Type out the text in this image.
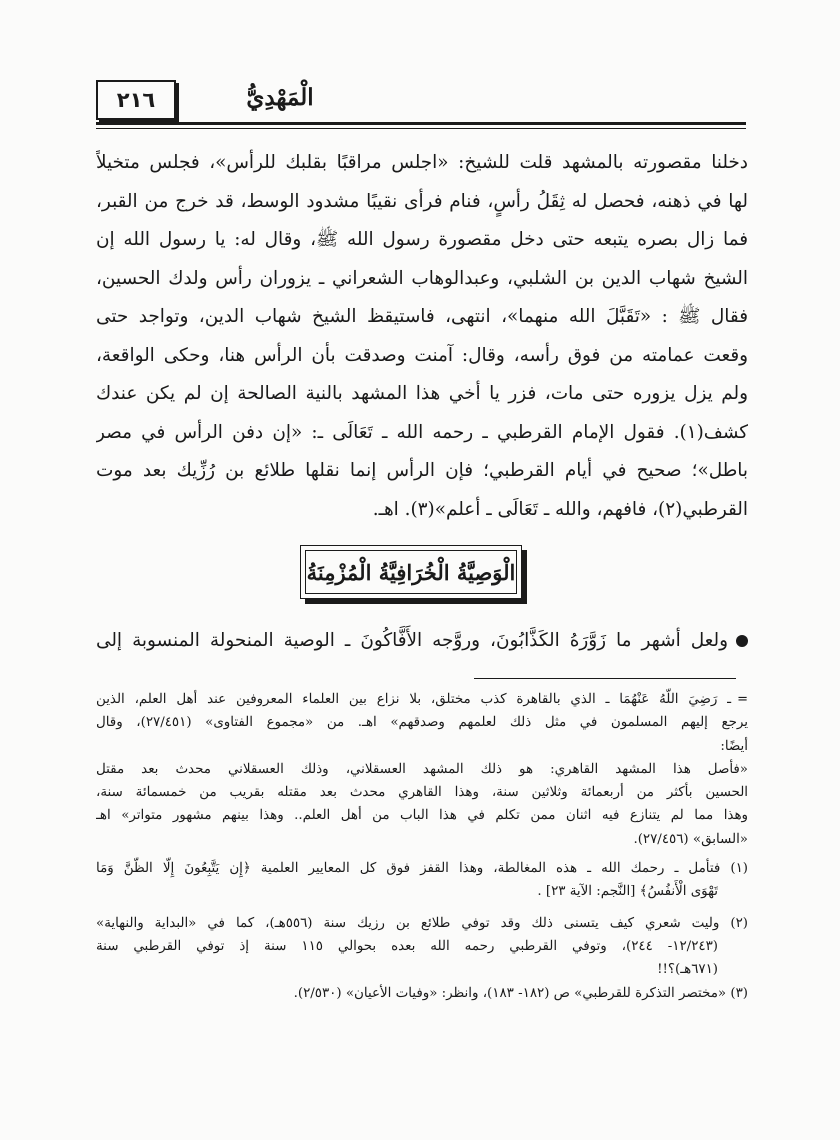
٢١٦	الْمَهْدِيُّ
دخلنا مقصورته بالمشهد قلت للشيخ: «اجلس مراقبًا بقلبك للرأس»، فجلس متخيلاً
لها في ذهنه، فحصل له ثِقَلُ رأسٍ، فنام فرأى نقيبًا مشدود الوسط، قد خرج من القبر،
فما زال بصره يتبعه حتى دخل مقصورة رسول الله ﷺ، وقال له: يا رسول الله إن
الشيخ شهاب الدين بن الشلبي، وعبدالوهاب الشعراني ـ يزوران رأس ولدك الحسين،
فقال ﷺ : «تَقَبَّلَ الله منهما»، انتهى، فاستيقظ الشيخ شهاب الدين، وتواجد حتى
وقعت عمامته من فوق رأسه، وقال: آمنت وصدقت بأن الرأس هنا، وحكى الواقعة،
ولم يزل يزوره حتى مات، فزر يا أخي هذا المشهد بالنية الصالحة إن لم يكن عندك
كشف(١). فقول الإمام القرطبي ـ رحمه الله ـ تَعَالَى ـ: «إن دفن الرأس في مصر
باطل»؛ صحيح في أيام القرطبي؛ فإن الرأس إنما نقلها طلائع بن رُزِّيك بعد موت
القرطبي(٢)، فافهم، والله ـ تَعَالَى ـ أعلم»(٣). اهـ.
الْوَصِيَّةُ الْخُرَافِيَّةُ الْمُزْمِنَةُ
ولعل أشهر ما زَوَّرَهُ الكَذَّابُونَ، وروَّجه الأَفَّاكُونَ ـ الوصية المنحولة المنسوبة إلى
=ـ رَضِيَ اللَّهُ عَنْهُمَا ـ الذي بالقاهرة كذب مختلق، بلا نزاع بين العلماء المعروفين عند أهل العلم، الذين
يرجع إليهم المسلمون في مثل ذلك لعلمهم وصدقهم» اهـ. من «مجموع الفتاوى» (٢٧/٤٥١)، وقال
أيضًا:
«فأصل هذا المشهد القاهري: هو ذلك المشهد العسقلاني، وذلك العسقلاني محدث بعد مقتل
الحسين بأكثر من أربعمائة وثلاثين سنة، وهذا القاهري محدث بعد مقتله بقريب من خمسمائة سنة،
وهذا مما لم يتنازع فيه اثنان ممن تكلم في هذا الباب من أهل العلم.. وهذا بينهم مشهور متواتر» اهـ
«السابق» (٢٧/٤٥٦).
(١) فتأمل ـ رحمك الله ـ هذه المغالطة، وهذا القفز فوق كل المعايير العلمية ﴿إِن يَتَّبِعُونَ إِلَّا الظَّنَّ وَمَا
تَهْوَى الْأَنفُسُ﴾ [النَّجم: الآية ٢٣] .
(٢) وليت شعري كيف يتسنى ذلك وقد توفي طلائع بن رزيك سنة (٥٥٦هـ)، كما في «البداية والنهاية»
(١٢/٢٤٣- ٢٤٤)، وتوفي القرطبي رحمه الله بعده بحوالي ١١٥ سنة إذ توفي القرطبي سنة
(٦٧١هـ)؟!!
(٣) «مختصر التذكرة للقرطبي» ص (١٨٢- ١٨٣)، وانظر: «وفيات الأعيان» (٢/٥٣٠).
